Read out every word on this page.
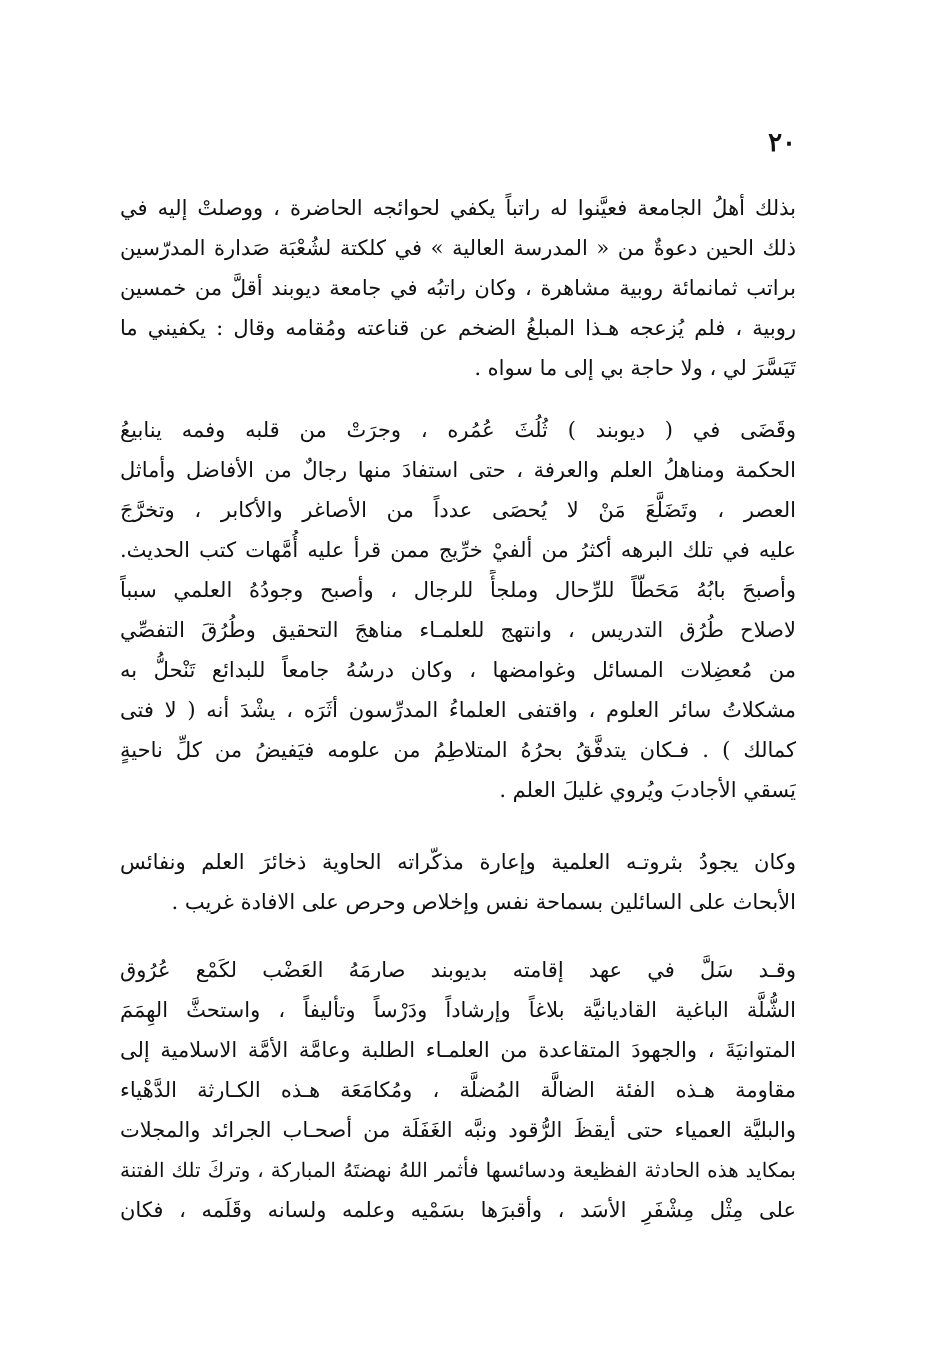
٢٠
بذلك أهلُ الجامعة فعيَّنوا له راتباً يكفي لحوائجه الحاضرة ، ووصلتْ إليه في
ذلك الحين دعوةٌ من « المدرسة العالية » في كلكتة لشُعْبَة صَدارة المدرّسين
براتب ثمانمائة روبية مشاهرة ، وكان راتبُه في جامعة ديوبند أقلَّ من خمسين
روبية ، فلم يُزعجه هـذا المبلغُ الضخم عن قناعته ومُقامه وقال : يكفيني ما
تَيَسَّرَ لي ، ولا حاجة بي إلى ما سواه .
وقَضَى في ( ديوبند ) ثُلُثَ عُمُره ، وجرَتْ من قلبه وفمه ينابيعُ
الحكمة ومناهلُ العلم والعرفة ، حتى استفادَ منها رجالٌ من الأفاضل وأماثل
العصر ، وتَضَلَّعَ مَنْ لا يُحصَى عدداً من الأصاغر والأكابر ، وتخرَّجَ
عليه في تلك البرهه أكثرُ من ألفيْ خرِّيج ممن قرأ عليه أُمَّهات كتب الحديث.
وأصبحَ بابُهُ مَحَطّاً للرِّحال وملجأً للرجال ، وأصبح وجودُهُ العلمي سبباً
لاصلاح طُرُق التدريس ، وانتهج للعلمـاء مناهجَ التحقيق وطُرُقَ التفصِّي
من مُعضِلات المسائل وغوامضها ، وكان درسُهُ جامعاً للبدائع تَنْحلُّ به
مشكلاتُ سائر العلوم ، واقتفى العلماءُ المدرِّسون أثَرَه ، يشْدَ أنه ( لا فتى
كمالك ) . فـكان يتدفَّقُ بحرُهُ المتلاطِمُ من علومه فيَفيضُ من كلِّ ناحيةٍ
يَسقي الأجادبَ ويُروي غليلَ العلم .
وكان يجودُ بثروتـه العلمية وإعارة مذكّراته الحاوية ذخائرَ العلم ونفائس
الأبحاث على السائلين بسماحة نفس وإخلاص وحرص على الافادة غريب .
وقـد سَلَّ في عهد إقامته بديوبند صارمَهُ العَضْب لكَمْع عُرُوق
الشُّلَّة الباغية القاديانيَّة بلاغاً وإرشاداً ودَرْساً وتأليفاً ، واستحثَّ الهِمَمَ
المتوانيَةَ ، والجهودَ المتقاعدة من العلمـاء الطلبة وعامَّة الأمَّة الاسلامية إلى
مقاومة هـذه الفئة الضالَّة المُضلَّة ، ومُكامَعَة هـذه الكـارثة الدَّهْياء
والبليَّة العمياء حتى أيقظَ الرُّقود ونبَّه الغَفَلَة من أصحـاب الجرائد والمجلات
بمكايد هذه الحادثة الفظيعة ودسائسها فأثمر اللهُ نهضتَهُ المباركة ، وتركَ تلك الفتنة
على مِثْل مِشْفَرِ الأسَد ، وأقبرَها بسَمْيه وعلمه ولسانه وقَلَمه ، فكان
